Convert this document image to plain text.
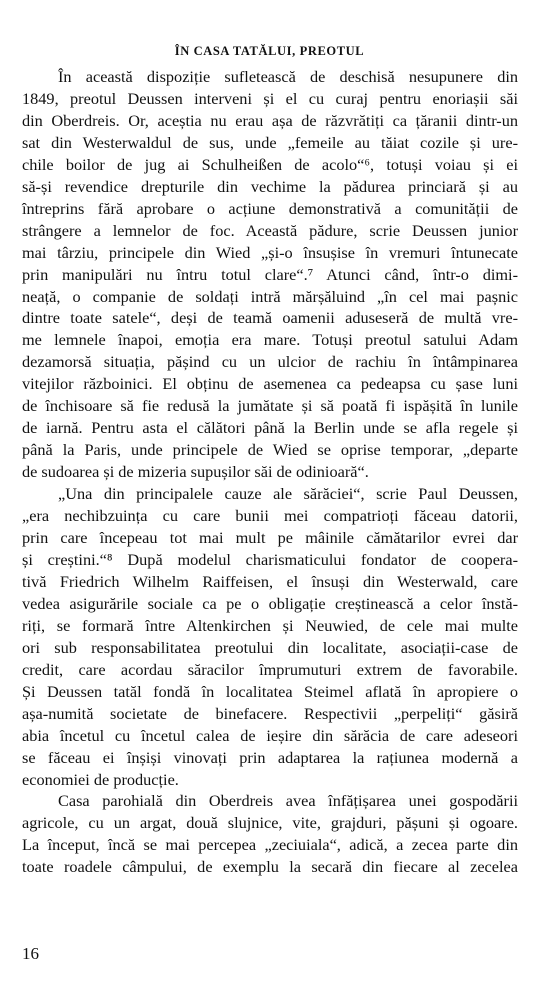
ÎN CASA TATĂLUI, PREOTUL
În această dispoziție sufletească de deschisă nesupunere din
1849, preotul Deussen interveni și el cu curaj pentru enoriașii săi
din Oberdreis. Or, aceștia nu erau așa de răzvrătiți ca țăranii dintr-un
sat din Westerwaldul de sus, unde „femeile au tăiat cozile și ure-
chile boilor de jug ai Schulheißen de acolo“⁶, totuși voiau și ei
să-și revendice drepturile din vechime la pădurea princiară și au
întreprins fără aprobare o acțiune demonstrativă a comunității de
strângere a lemnelor de foc. Această pădure, scrie Deussen junior
mai târziu, principele din Wied „și-o însușise în vremuri întunecate
prin manipulări nu întru totul clare“.⁷ Atunci când, într-o dimi-
neață, o companie de soldați intră mărșăluind „în cel mai pașnic
dintre toate satele“, deși de teamă oamenii aduseseră de multă vre-
me lemnele înapoi, emoția era mare. Totuși preotul satului Adam
dezamorsă situația, pășind cu un ulcior de rachiu în întâmpinarea
vitejilor războinici. El obținu de asemenea ca pedeapsa cu șase luni
de închisoare să fie redusă la jumătate și să poată fi ispășită în lunile
de iarnă. Pentru asta el călători până la Berlin unde se afla regele și
până la Paris, unde principele de Wied se oprise temporar, „departe
de sudoarea și de mizeria supușilor săi de odinioară“.
„Una din principalele cauze ale sărăciei“, scrie Paul Deussen,
„era nechibzuința cu care bunii mei compatrioți făceau datorii,
prin care începeau tot mai mult pe mâinile cămătarilor evrei dar
și creștini.“⁸ După modelul charismaticului fondator de coopera-
tivă Friedrich Wilhelm Raiffeisen, el însuși din Westerwald, care
vedea asigurările sociale ca pe o obligație creștinească a celor înstă-
riți, se formară între Altenkirchen și Neuwied, de cele mai multe
ori sub responsabilitatea preotului din localitate, asociații-case de
credit, care acordau săracilor împrumuturi extrem de favorabile.
Și Deussen tatăl fondă în localitatea Steimel aflată în apropiere o
așa-numită societate de binefacere. Respectivii „perpeliți“ găsiră
abia încetul cu încetul calea de ieșire din sărăcia de care adeseori
se făceau ei înșiși vinovați prin adaptarea la rațiunea modernă a
economiei de producție.
Casa parohială din Oberdreis avea înfățișarea unei gospodării
agricole, cu un argat, două slujnice, vite, grajduri, pășuni și ogoare.
La început, încă se mai percepea „zeciuiala“, adică, a zecea parte din
toate roadele câmpului, de exemplu la secară din fiecare al zecelea
16
